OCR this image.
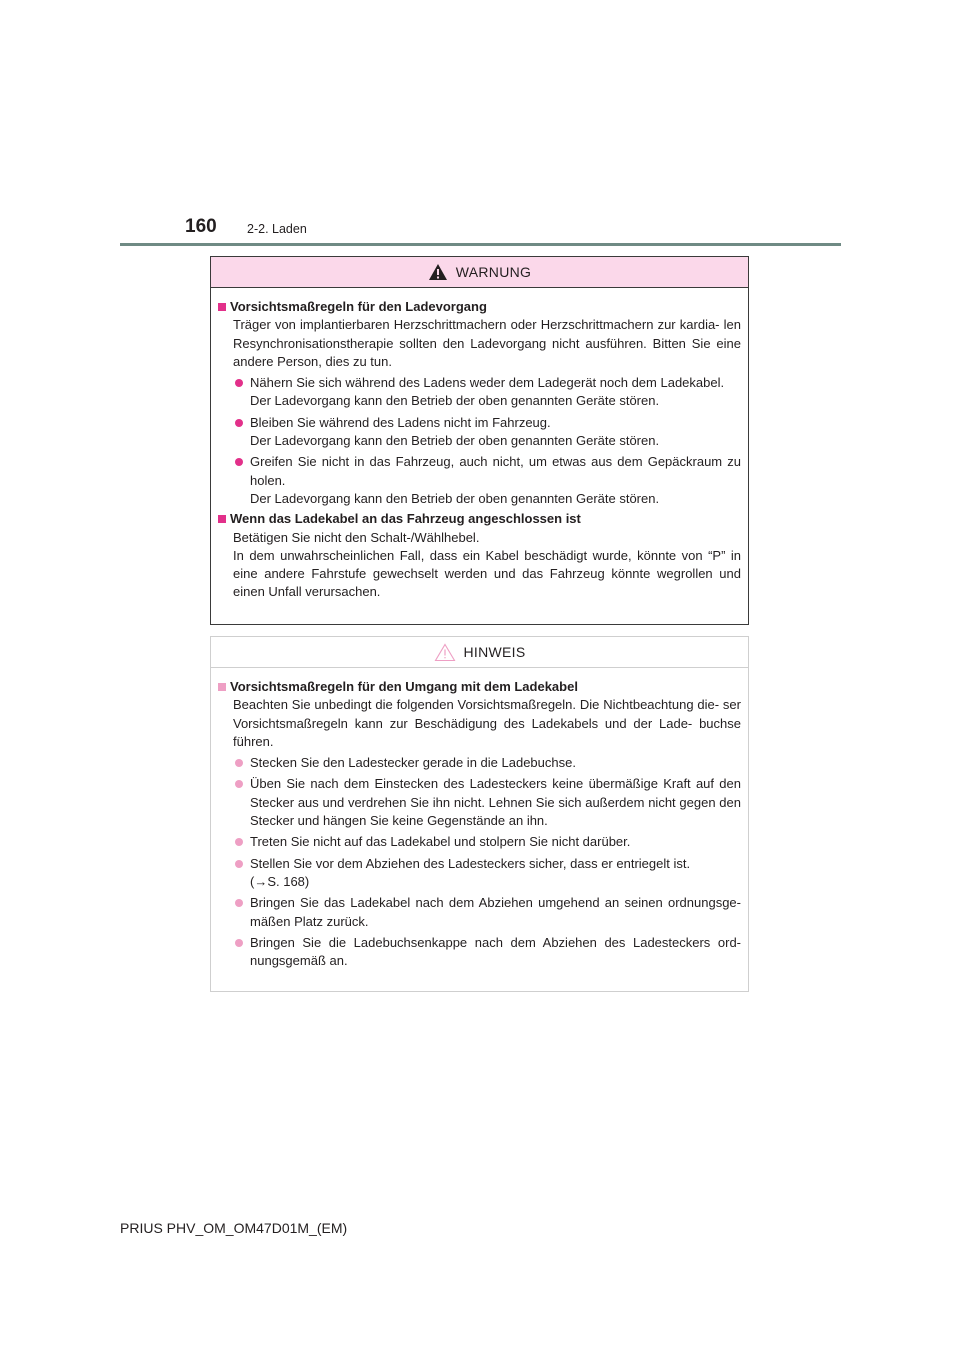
160 2-2. Laden
WARNUNG
Vorsichtsmaßregeln für den Ladevorgang
Träger von implantierbaren Herzschrittmachern oder Herzschrittmachern zur kardia- len Resynchronisationstherapie sollten den Ladevorgang nicht ausführen. Bitten Sie eine andere Person, dies zu tun.
Nähern Sie sich während des Ladens weder dem Ladegerät noch dem Ladekabel.
Der Ladevorgang kann den Betrieb der oben genannten Geräte stören.
Bleiben Sie während des Ladens nicht im Fahrzeug.
Der Ladevorgang kann den Betrieb der oben genannten Geräte stören.
Greifen Sie nicht in das Fahrzeug, auch nicht, um etwas aus dem Gepäckraum zu holen.
Der Ladevorgang kann den Betrieb der oben genannten Geräte stören.
Wenn das Ladekabel an das Fahrzeug angeschlossen ist
Betätigen Sie nicht den Schalt-/Wählhebel.
In dem unwahrscheinlichen Fall, dass ein Kabel beschädigt wurde, könnte von “P” in eine andere Fahrstufe gewechselt werden und das Fahrzeug könnte wegrollen und einen Unfall verursachen.
HINWEIS
Vorsichtsmaßregeln für den Umgang mit dem Ladekabel
Beachten Sie unbedingt die folgenden Vorsichtsmaßregeln. Die Nichtbeachtung die- ser Vorsichtsmaßregeln kann zur Beschädigung des Ladekabels und der Lade- buchse führen.
Stecken Sie den Ladestecker gerade in die Ladebuchse.
Üben Sie nach dem Einstecken des Ladesteckers keine übermäßige Kraft auf den Stecker aus und verdrehen Sie ihn nicht. Lehnen Sie sich außerdem nicht gegen den Stecker und hängen Sie keine Gegenstände an ihn.
Treten Sie nicht auf das Ladekabel und stolpern Sie nicht darüber.
Stellen Sie vor dem Abziehen des Ladesteckers sicher, dass er entriegelt ist.
(→S. 168)
Bringen Sie das Ladekabel nach dem Abziehen umgehend an seinen ordnungsge- mäßen Platz zurück.
Bringen Sie die Ladebuchsenkappe nach dem Abziehen des Ladesteckers ord- nungsgemäß an.
PRIUS PHV_OM_OM47D01M_(EM)
